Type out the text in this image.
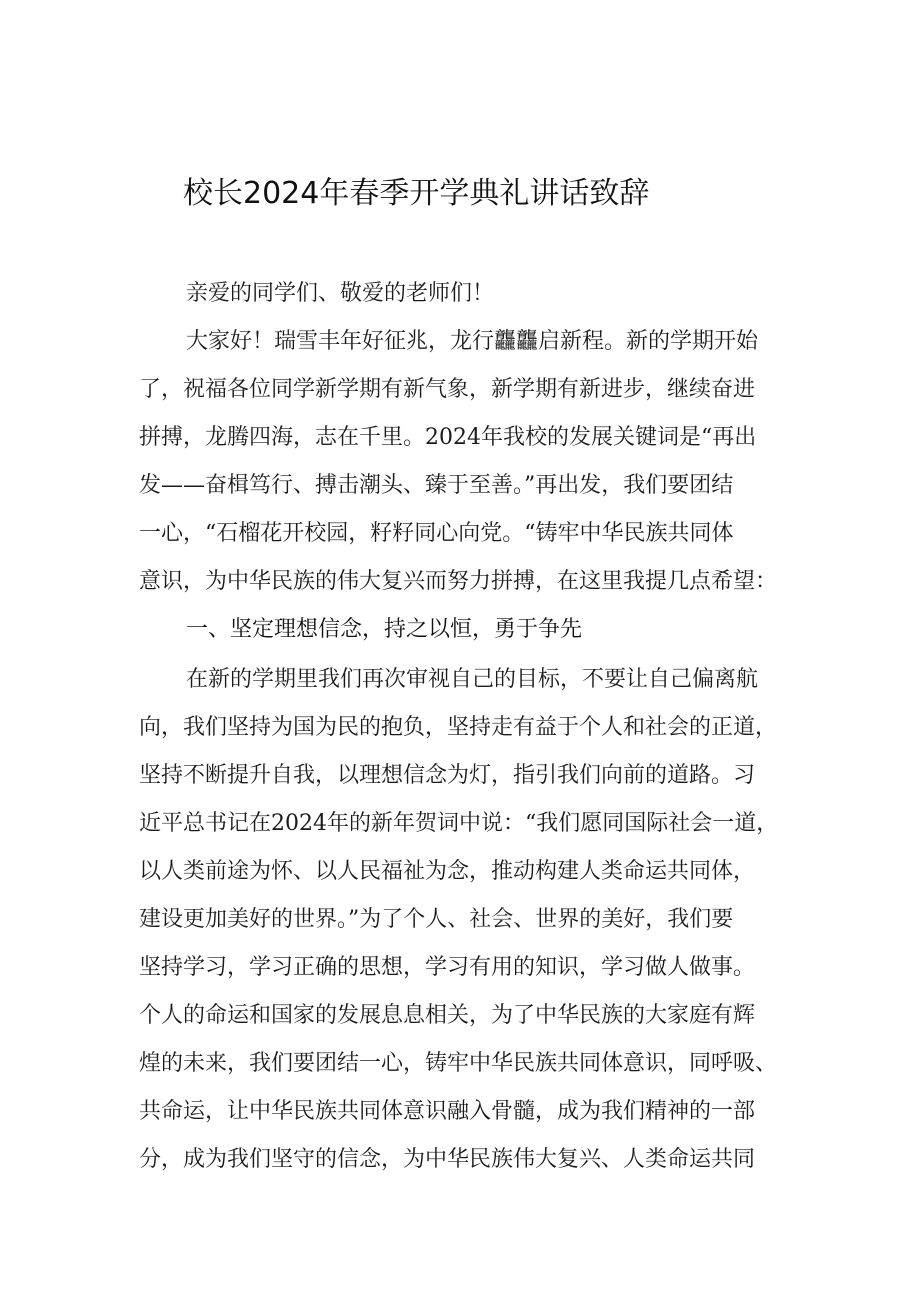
校长2024年春季开学典礼讲话致辞

亲爱的同学们、敬爱的老师们！

大家好！瑞雪丰年好征兆，龙行龘龘启新程。新的学期开始

了，祝福各位同学新学期有新气象，新学期有新进步，继续奋进

拼搏，龙腾四海，志在千里。2024年我校的发展关键词是“再出

发——奋楫笃行、搏击潮头、臻于至善。”再出发，我们要团结

一心，“石榴花开校园，籽籽同心向党。“铸牢中华民族共同体

意识，为中华民族的伟大复兴而努力拼搏，在这里我提几点希望：

一、坚定理想信念，持之以恒，勇于争先

在新的学期里我们再次审视自己的目标，不要让自己偏离航

向，我们坚持为国为民的抱负，坚持走有益于个人和社会的正道，

坚持不断提升自我，以理想信念为灯，指引我们向前的道路。习

近平总书记在2024年的新年贺词中说：“我们愿同国际社会一道，

以人类前途为怀、以人民福祉为念，推动构建人类命运共同体，

建设更加美好的世界。”为了个人、社会、世界的美好，我们要

坚持学习，学习正确的思想，学习有用的知识，学习做人做事。

个人的命运和国家的发展息息相关，为了中华民族的大家庭有辉

煌的未来，我们要团结一心，铸牢中华民族共同体意识，同呼吸、

共命运，让中华民族共同体意识融入骨髓，成为我们精神的一部

分，成为我们坚守的信念，为中华民族伟大复兴、人类命运共同
